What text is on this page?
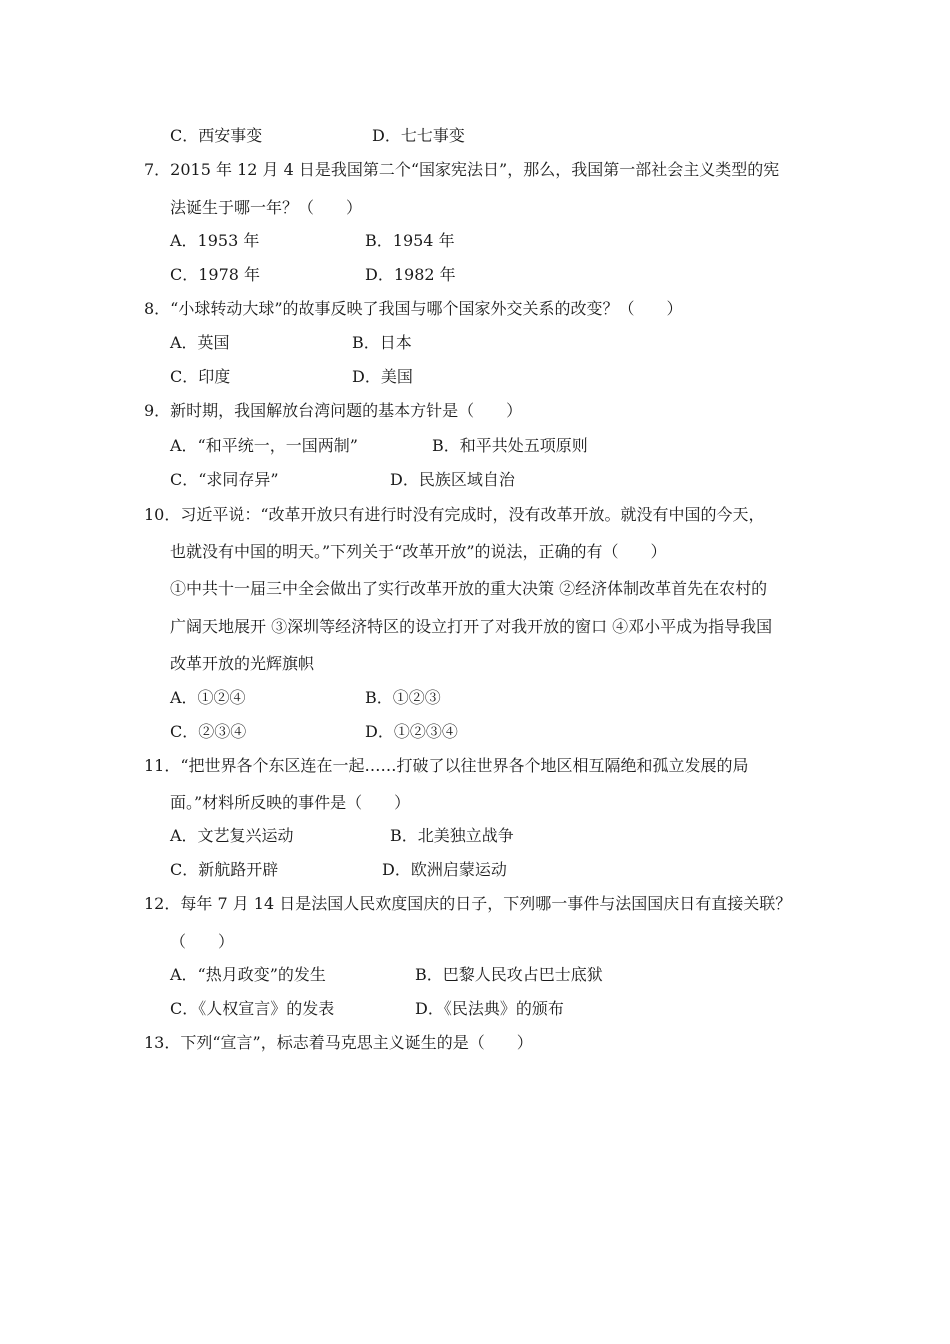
C．西安事变	D．七七事变
7．2015 年 12 月 4 日是我国第二个“国家宪法日”，那么，我国第一部社会主义类型的宪
法诞生于哪一年？（　　）
A．1953 年	B．1954 年
C．1978 年	D．1982 年
8．“小球转动大球”的故事反映了我国与哪个国家外交关系的改变？（　　）
A．英国	B．日本
C．印度	D．美国
9．新时期，我国解放台湾问题的基本方针是（　　）
A．“和平统一，一国两制”	B．和平共处五项原则
C．“求同存异”	D．民族区域自治
10．习近平说：“改革开放只有进行时没有完成时，没有改革开放。就没有中国的今天，
也就没有中国的明天。”下列关于“改革开放”的说法，正确的有（　　）
①中共十一届三中全会做出了实行改革开放的重大决策 ②经济体制改革首先在农村的
广阔天地展开 ③深圳等经济特区的设立打开了对我开放的窗口 ④邓小平成为指导我国
改革开放的光辉旗帜
A．①②④	B．①②③
C．②③④	D．①②③④
11．“把世界各个东区连在一起……打破了以往世界各个地区相互隔绝和孤立发展的局
面。”材料所反映的事件是（　　）
A．文艺复兴运动	B．北美独立战争
C．新航路开辟	D．欧洲启蒙运动
12．每年 7 月 14 日是法国人民欢度国庆的日子，下列哪一事件与法国国庆日有直接关联？
（　　）
A．“热月政变”的发生	B．巴黎人民攻占巴士底狱
C．《人权宣言》的发表	D．《民法典》的颁布
13．下列“宣言”，标志着马克思主义诞生的是（　　）
